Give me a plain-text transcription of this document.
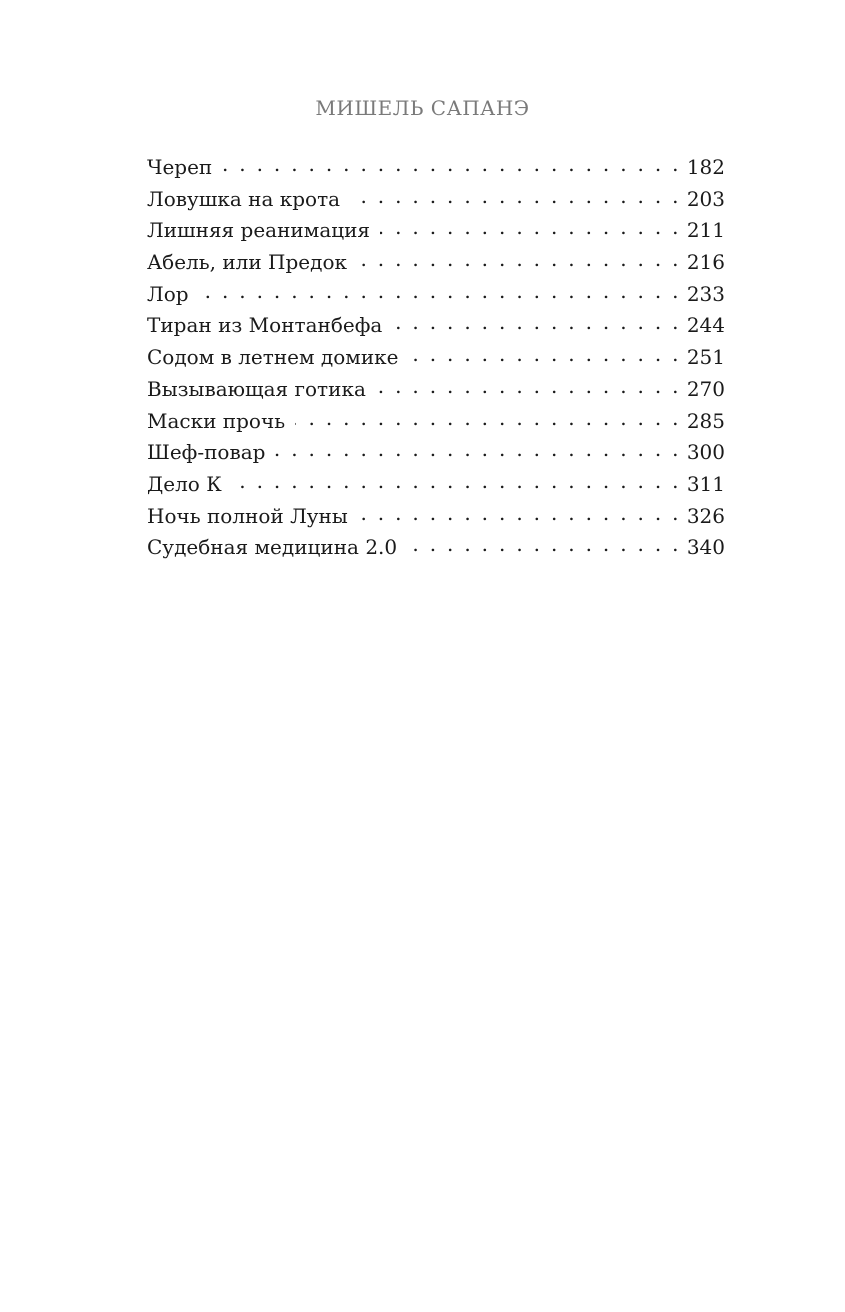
МИШЕЛЬ САПАНЭ
Череп . . .	182
Ловушка на крота . . .	203
Лишняя реанимация . . .	211
Абель, или Предок . . .	216
Лор . . .	233
Тиран из Монтанбефа . . .	244
Содом в летнем домике . . .	251
Вызывающая готика . . .	270
Маски прочь . . .	285
Шеф-повар . . .	300
Дело К . . .	311
Ночь полной Луны . . .	326
Судебная медицина 2.0 . . .	340
